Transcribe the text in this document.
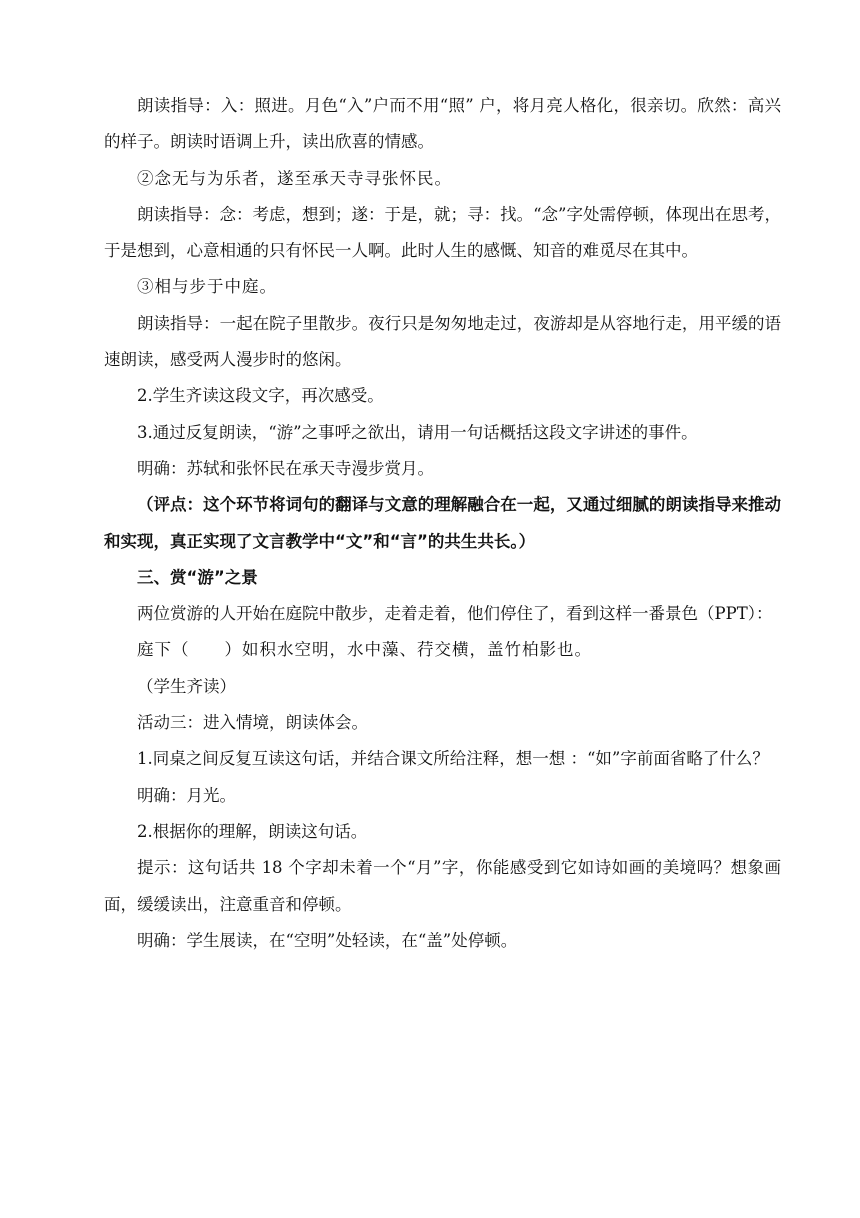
朗读指导：入：照进。月色“入”户而不用“照” 户，将月亮人格化，很亲切。欣然：高兴的样子。朗读时语调上升，读出欣喜的情感。

②念无与为乐者，遂至承天寺寻张怀民。

朗读指导：念：考虑，想到；遂：于是，就；寻：找。“念”字处需停顿，体现出在思考，于是想到，心意相通的只有怀民一人啊。此时人生的感慨、知音的难觅尽在其中。

③相与步于中庭。

朗读指导：一起在院子里散步。夜行只是匆匆地走过，夜游却是从容地行走，用平缓的语速朗读，感受两人漫步时的悠闲。

2.学生齐读这段文字，再次感受。

3.通过反复朗读，“游”之事呼之欲出，请用一句话概括这段文字讲述的事件。

明确：苏轼和张怀民在承天寺漫步赏月。

（评点：这个环节将词句的翻译与文意的理解融合在一起，又通过细腻的朗读指导来推动和实现，真正实现了文言教学中“文”和“言”的共生共长。）

三、赏“游”之景

两位赏游的人开始在庭院中散步，走着走着，他们停住了，看到这样一番景色（PPT）：

庭下（　　）如积水空明，水中藻、荇交横，盖竹柏影也。

（学生齐读）

活动三：进入情境，朗读体会。

1.同桌之间反复互读这句话，并结合课文所给注释，想一想 ：“如”字前面省略了什么？

明确：月光。

2.根据你的理解，朗读这句话。

提示：这句话共 18 个字却未着一个“月”字，你能感受到它如诗如画的美境吗？想象画面，缓缓读出，注意重音和停顿。

明确：学生展读，在“空明”处轻读，在“盖”处停顿。
